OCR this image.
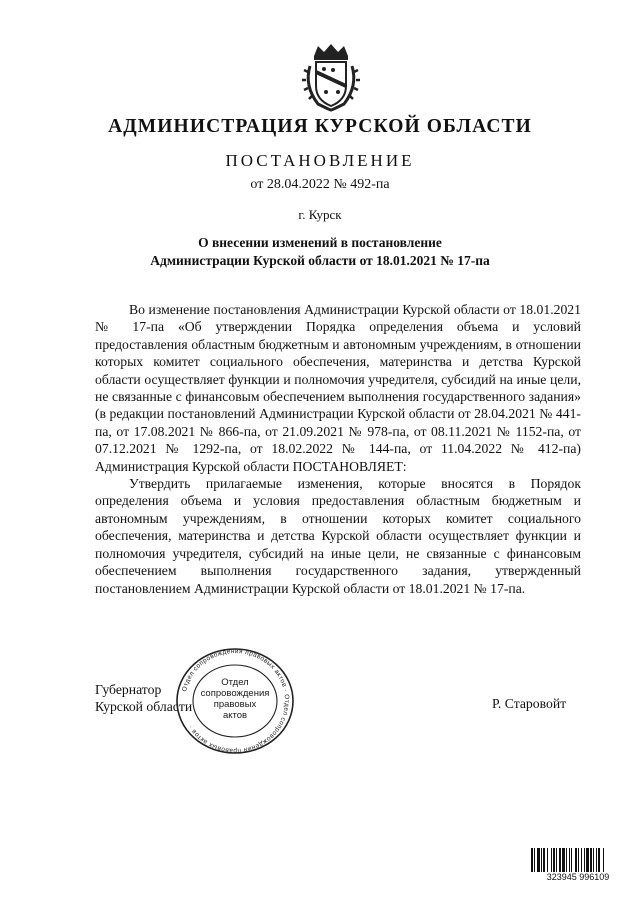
АДМИНИСТРАЦИЯ КУРСКОЙ ОБЛАСТИ
ПОСТАНОВЛЕНИЕ
от 28.04.2022 № 492-па
г. Курск
О внесении изменений в постановление
Администрации Курской области от 18.01.2021 № 17-па

Во изменение постановления Администрации Курской области от 18.01.2021 № 17-па «Об утверждении Порядка определения объема и условий предоставления областным бюджетным и автономным учреждениям, в отношении которых комитет социального обеспечения, материнства и детства Курской области осуществляет функции и полномочия учредителя, субсидий на иные цели, не связанные с финансовым обеспечением выполнения государственного задания» (в редакции постановлений Администрации Курской области от 28.04.2021 № 441-па, от 17.08.2021 № 866-па, от 21.09.2021 № 978-па, от 08.11.2021 № 1152-па, от 07.12.2021 № 1292-па, от 18.02.2022 № 144-па, от 11.04.2022 № 412-па) Администрация Курской области ПОСТАНОВЛЯЕТ:

Утвердить прилагаемые изменения, которые вносятся в Порядок определения объема и условия предоставления областным бюджетным и автономным учреждениям, в отношении которых комитет социального обеспечения, материнства и детства Курской области осуществляет функции и полномочия учредителя, субсидий на иные цели, не связанные с финансовым обеспечением выполнения государственного задания, утвержденный постановлением Администрации Курской области от 18.01.2021 № 17-па.

Губернатор
Курской области	Р. Старовойт
Отдел сопровождения правовых актов · Отдел сопровождения правовых актов ·
Отдел
сопровождения
правовых
актов
323945 996109
